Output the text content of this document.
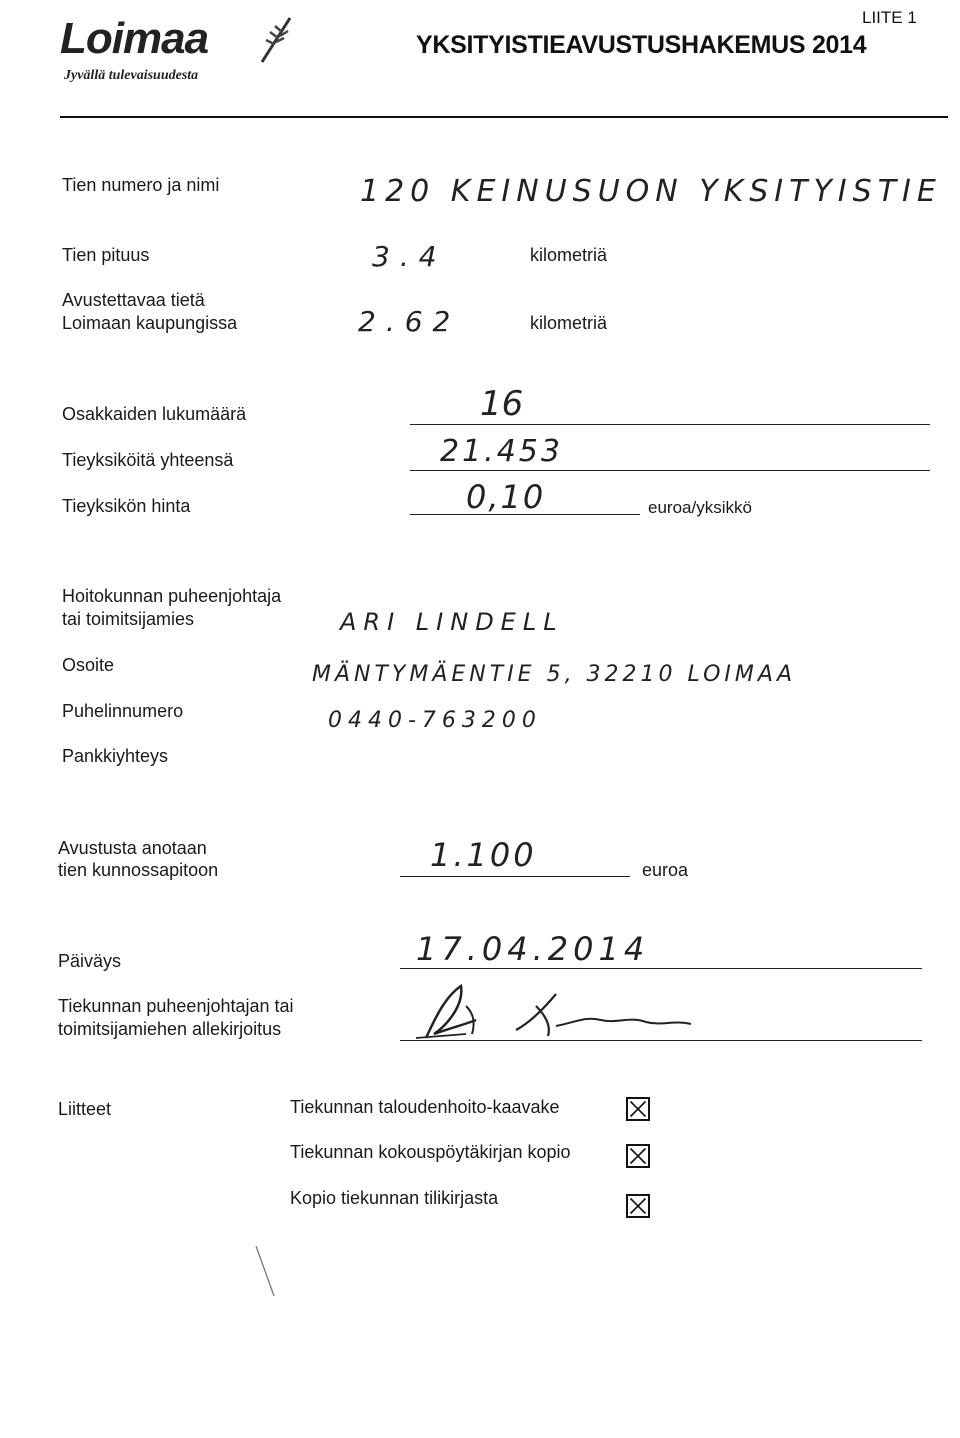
Loimaa
Jyvällä tulevaisuudesta
LIITE 1
YKSITYISTIEAVUSTUSHAKEMUS 2014
Tien numero ja nimi	120 KEINUSUON YKSITYISTIE
Tien pituus	3.4	kilometriä
Avustettavaa tietä
Loimaan kaupungissa	2.62	kilometriä
Osakkaiden lukumäärä	16
Tieyksiköitä yhteensä	21.453
Tieyksikön hinta	0,10	euroa/yksikkö
Hoitokunnan puheenjohtaja
tai toimitsijamies	ARI LINDELL
Osoite	MÄNTYMÄENTIE 5, 32210 LOIMAA
Puhelinnumero	0440-763200
Pankkiyhteys
Avustusta anotaan
tien kunnossapitoon	1.100	euroa
Päiväys	17.04.2014
Tiekunnan puheenjohtajan tai
toimitsijamiehen allekirjoitus
Liitteet	Tiekunnan taloudenhoito-kaavake
Tiekunnan kokouspöytäkirjan kopio
Kopio tiekunnan tilikirjasta
